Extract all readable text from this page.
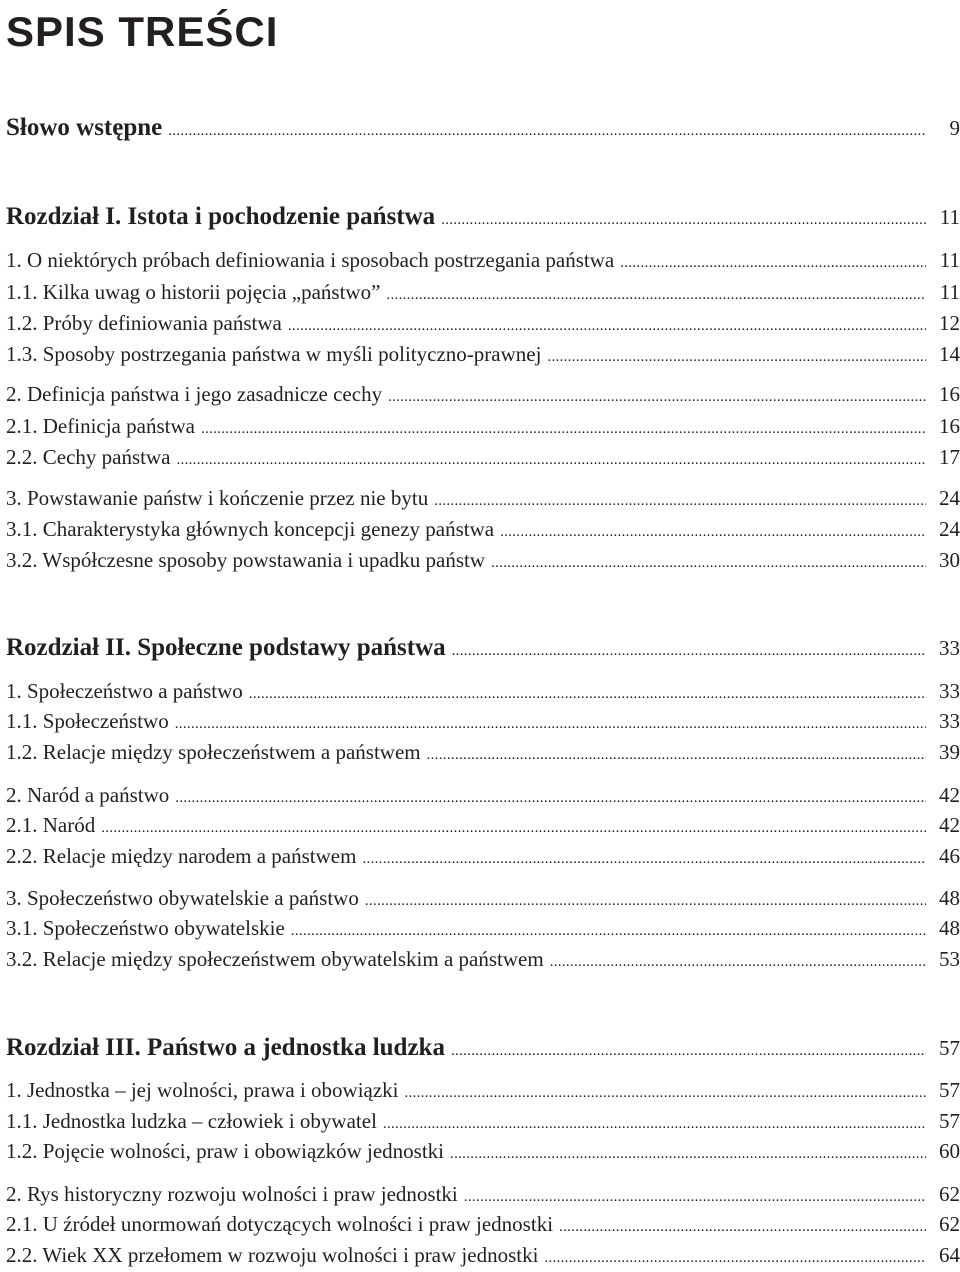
SPIS TREŚCI
Słowo wstępne .....	9
Rozdział I. Istota i pochodzenie państwa .....	11
1. O niektórych próbach definiowania i sposobach postrzegania państwa .....	11
1.1. Kilka uwag o historii pojęcia „państwo” .....	11
1.2. Próby definiowania państwa .....	12
1.3. Sposoby postrzegania państwa w myśli polityczno-prawnej .....	14
2. Definicja państwa i jego zasadnicze cechy .....	16
2.1. Definicja państwa .....	16
2.2. Cechy państwa .....	17
3. Powstawanie państw i kończenie przez nie bytu .....	24
3.1. Charakterystyka głównych koncepcji genezy państwa .....	24
3.2. Współczesne sposoby powstawania i upadku państw .....	30
Rozdział II. Społeczne podstawy państwa .....	33
1. Społeczeństwo a państwo .....	33
1.1. Społeczeństwo .....	33
1.2. Relacje między społeczeństwem a państwem .....	39
2. Naród a państwo .....	42
2.1. Naród .....	42
2.2. Relacje między narodem a państwem .....	46
3. Społeczeństwo obywatelskie a państwo .....	48
3.1. Społeczeństwo obywatelskie .....	48
3.2. Relacje między społeczeństwem obywatelskim a państwem .....	53
Rozdział III. Państwo a jednostka ludzka .....	57
1. Jednostka – jej wolności, prawa i obowiązki .....	57
1.1. Jednostka ludzka – człowiek i obywatel .....	57
1.2. Pojęcie wolności, praw i obowiązków jednostki .....	60
2. Rys historyczny rozwoju wolności i praw jednostki .....	62
2.1. U źródeł unormowań dotyczących wolności i praw jednostki .....	62
2.2. Wiek XX przełomem w rozwoju wolności i praw jednostki .....	64
